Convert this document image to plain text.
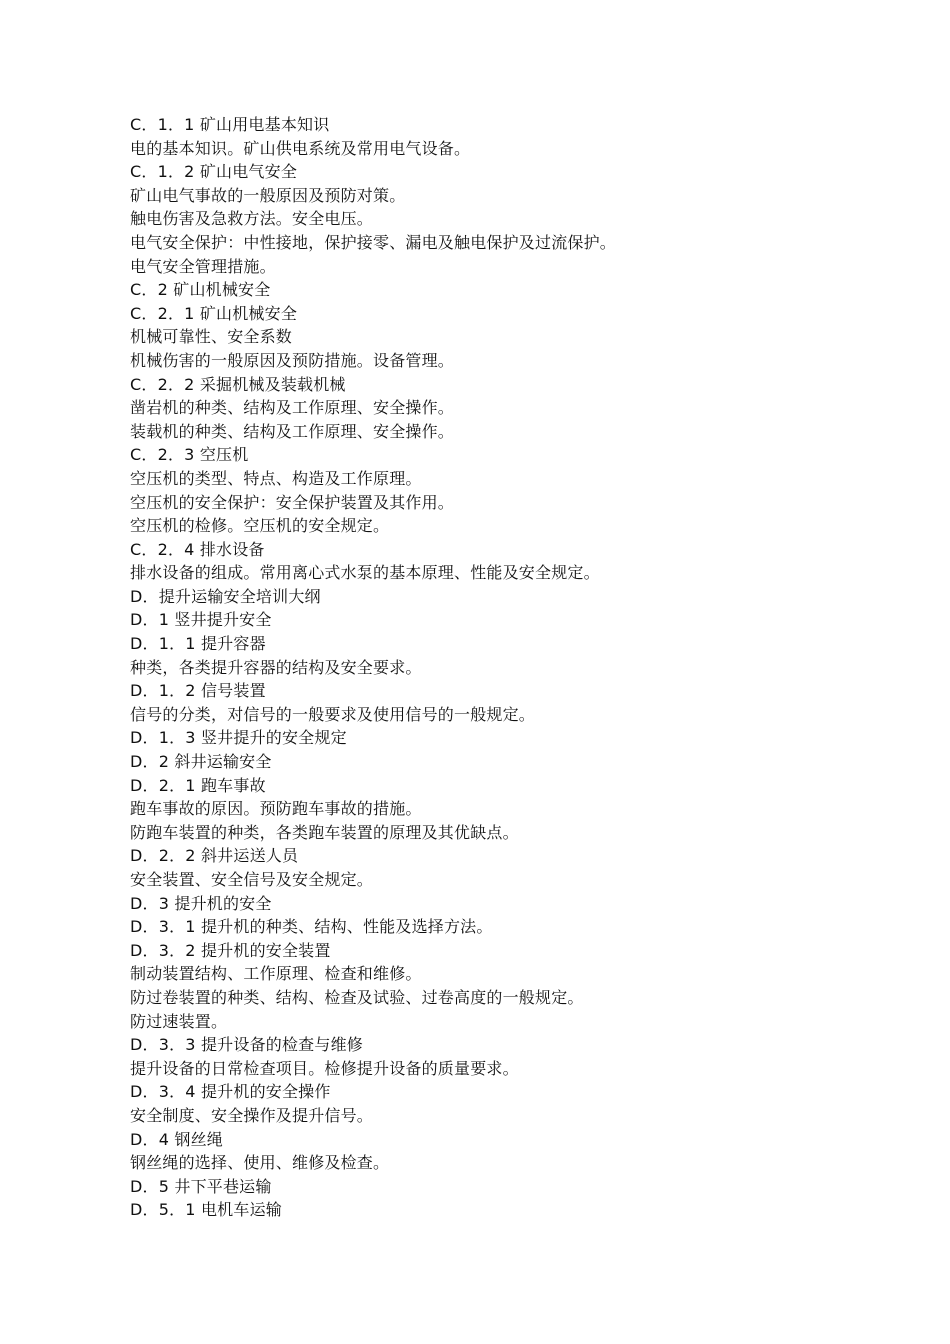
C．1．1 矿山用电基本知识
电的基本知识。矿山供电系统及常用电气设备。
C．1．2 矿山电气安全
矿山电气事故的一般原因及预防对策。
触电伤害及急救方法。安全电压。
电气安全保护：中性接地，保护接零、漏电及触电保护及过流保护。
电气安全管理措施。
C．2 矿山机械安全
C．2．1 矿山机械安全
机械可靠性、安全系数
机械伤害的一般原因及预防措施。设备管理。
C．2．2 采掘机械及装载机械
凿岩机的种类、结构及工作原理、安全操作。
装载机的种类、结构及工作原理、安全操作。
C．2．3 空压机
空压机的类型、特点、构造及工作原理。
空压机的安全保护：安全保护装置及其作用。
空压机的检修。空压机的安全规定。
C．2．4 排水设备
排水设备的组成。常用离心式水泵的基本原理、性能及安全规定。
D．提升运输安全培训大纲
D．1 竖井提升安全
D．1．1 提升容器
种类，各类提升容器的结构及安全要求。
D．1．2 信号装置
信号的分类，对信号的一般要求及使用信号的一般规定。
D．1．3 竖井提升的安全规定
D．2 斜井运输安全
D．2．1 跑车事故
跑车事故的原因。预防跑车事故的措施。
防跑车装置的种类，各类跑车装置的原理及其优缺点。
D．2．2 斜井运送人员
安全装置、安全信号及安全规定。
D．3 提升机的安全
D．3．1 提升机的种类、结构、性能及选择方法。
D．3．2 提升机的安全装置
制动装置结构、工作原理、检查和维修。
防过卷装置的种类、结构、检查及试验、过卷高度的一般规定。
防过速装置。
D．3．3 提升设备的检查与维修
提升设备的日常检查项目。检修提升设备的质量要求。
D．3．4 提升机的安全操作
安全制度、安全操作及提升信号。
D．4 钢丝绳
钢丝绳的选择、使用、维修及检查。
D．5 井下平巷运输
D．5．1 电机车运输
